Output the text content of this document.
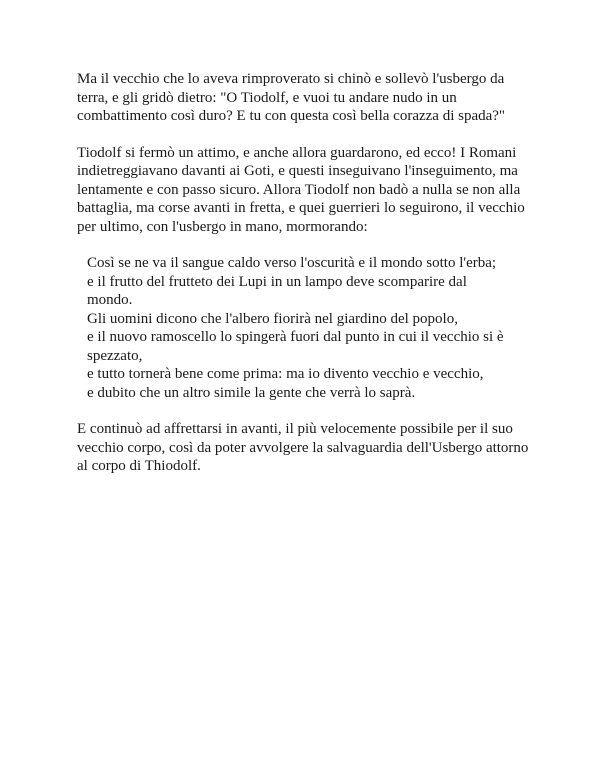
Ma il vecchio che lo aveva rimproverato si chinò e sollevò l'usbergo da
terra, e gli gridò dietro: "O Tiodolf, e vuoi tu andare nudo in un
combattimento così duro? E tu con questa così bella corazza di spada?"

Tiodolf si fermò un attimo, e anche allora guardarono, ed ecco! I Romani
indietreggiavano davanti ai Goti, e questi inseguivano l'inseguimento, ma
lentamente e con passo sicuro. Allora Tiodolf non badò a nulla se non alla
battaglia, ma corse avanti in fretta, e quei guerrieri lo seguirono, il vecchio
per ultimo, con l'usbergo in mano, mormorando:

Così se ne va il sangue caldo verso l'oscurità e il mondo sotto l'erba;
e il frutto del frutteto dei Lupi in un lampo deve scomparire dal
mondo.
Gli uomini dicono che l'albero fiorirà nel giardino del popolo,
e il nuovo ramoscello lo spingerà fuori dal punto in cui il vecchio si è
spezzato,
e tutto tornerà bene come prima: ma io divento vecchio e vecchio,
e dubito che un altro simile la gente che verrà lo saprà.

E continuò ad affrettarsi in avanti, il più velocemente possibile per il suo
vecchio corpo, così da poter avvolgere la salvaguardia dell'Usbergo attorno
al corpo di Thiodolf.
